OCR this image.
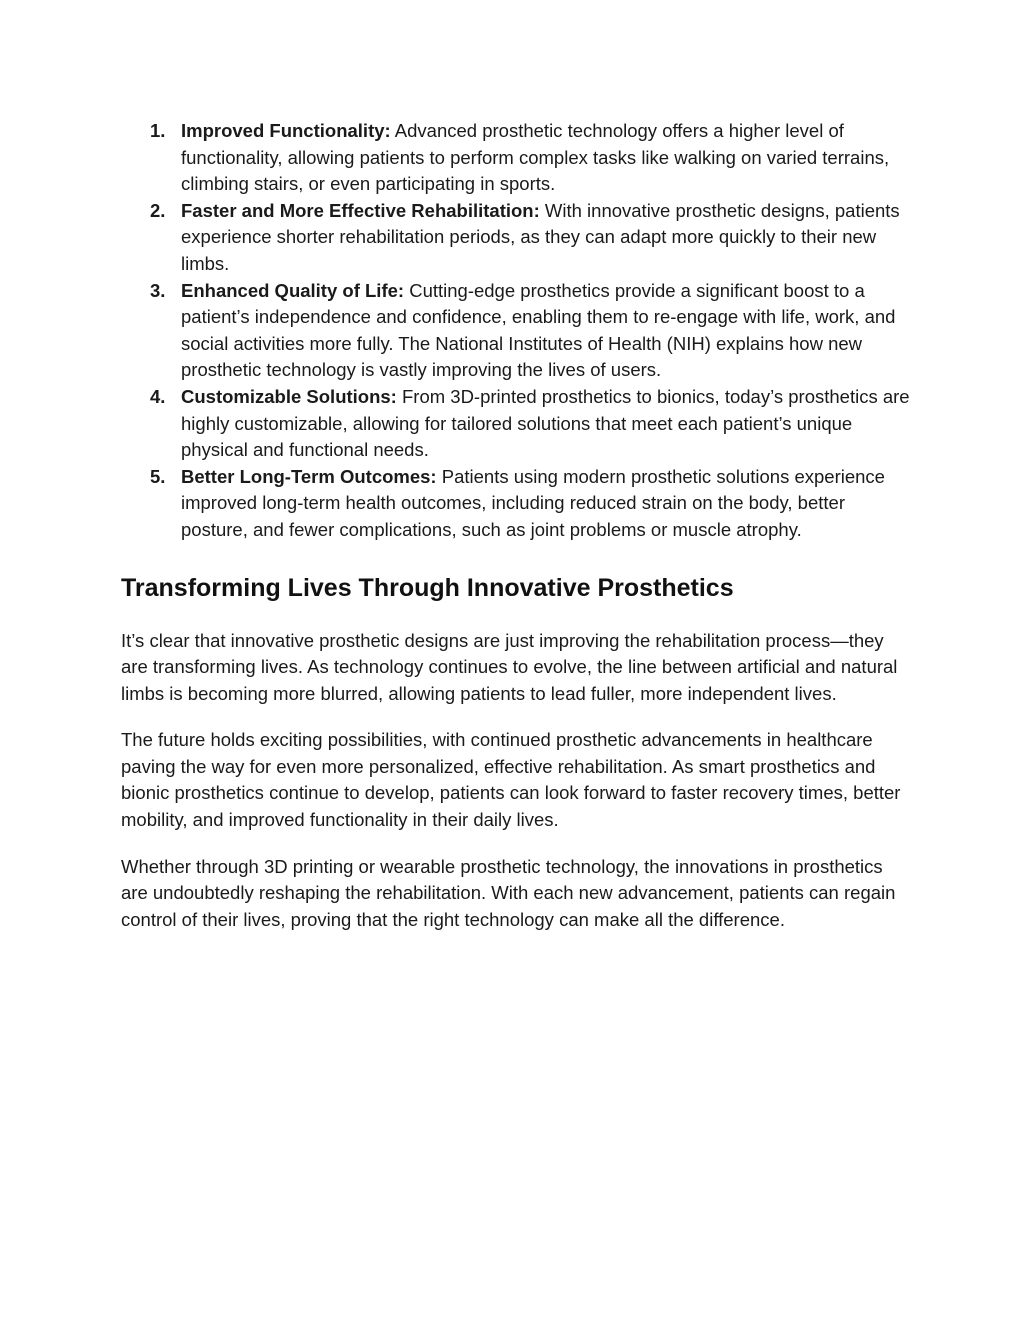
1. Improved Functionality: Advanced prosthetic technology offers a higher level of functionality, allowing patients to perform complex tasks like walking on varied terrains, climbing stairs, or even participating in sports.
2. Faster and More Effective Rehabilitation: With innovative prosthetic designs, patients experience shorter rehabilitation periods, as they can adapt more quickly to their new limbs.
3. Enhanced Quality of Life: Cutting-edge prosthetics provide a significant boost to a patient’s independence and confidence, enabling them to re-engage with life, work, and social activities more fully. The National Institutes of Health (NIH) explains how new prosthetic technology is vastly improving the lives of users.
4. Customizable Solutions: From 3D-printed prosthetics to bionics, today’s prosthetics are highly customizable, allowing for tailored solutions that meet each patient’s unique physical and functional needs.
5. Better Long-Term Outcomes: Patients using modern prosthetic solutions experience improved long-term health outcomes, including reduced strain on the body, better posture, and fewer complications, such as joint problems or muscle atrophy.
Transforming Lives Through Innovative Prosthetics

It’s clear that innovative prosthetic designs are just improving the rehabilitation process—they are transforming lives. As technology continues to evolve, the line between artificial and natural limbs is becoming more blurred, allowing patients to lead fuller, more independent lives.

The future holds exciting possibilities, with continued prosthetic advancements in healthcare paving the way for even more personalized, effective rehabilitation. As smart prosthetics and bionic prosthetics continue to develop, patients can look forward to faster recovery times, better mobility, and improved functionality in their daily lives.

Whether through 3D printing or wearable prosthetic technology, the innovations in prosthetics are undoubtedly reshaping the rehabilitation. With each new advancement, patients can regain control of their lives, proving that the right technology can make all the difference.
